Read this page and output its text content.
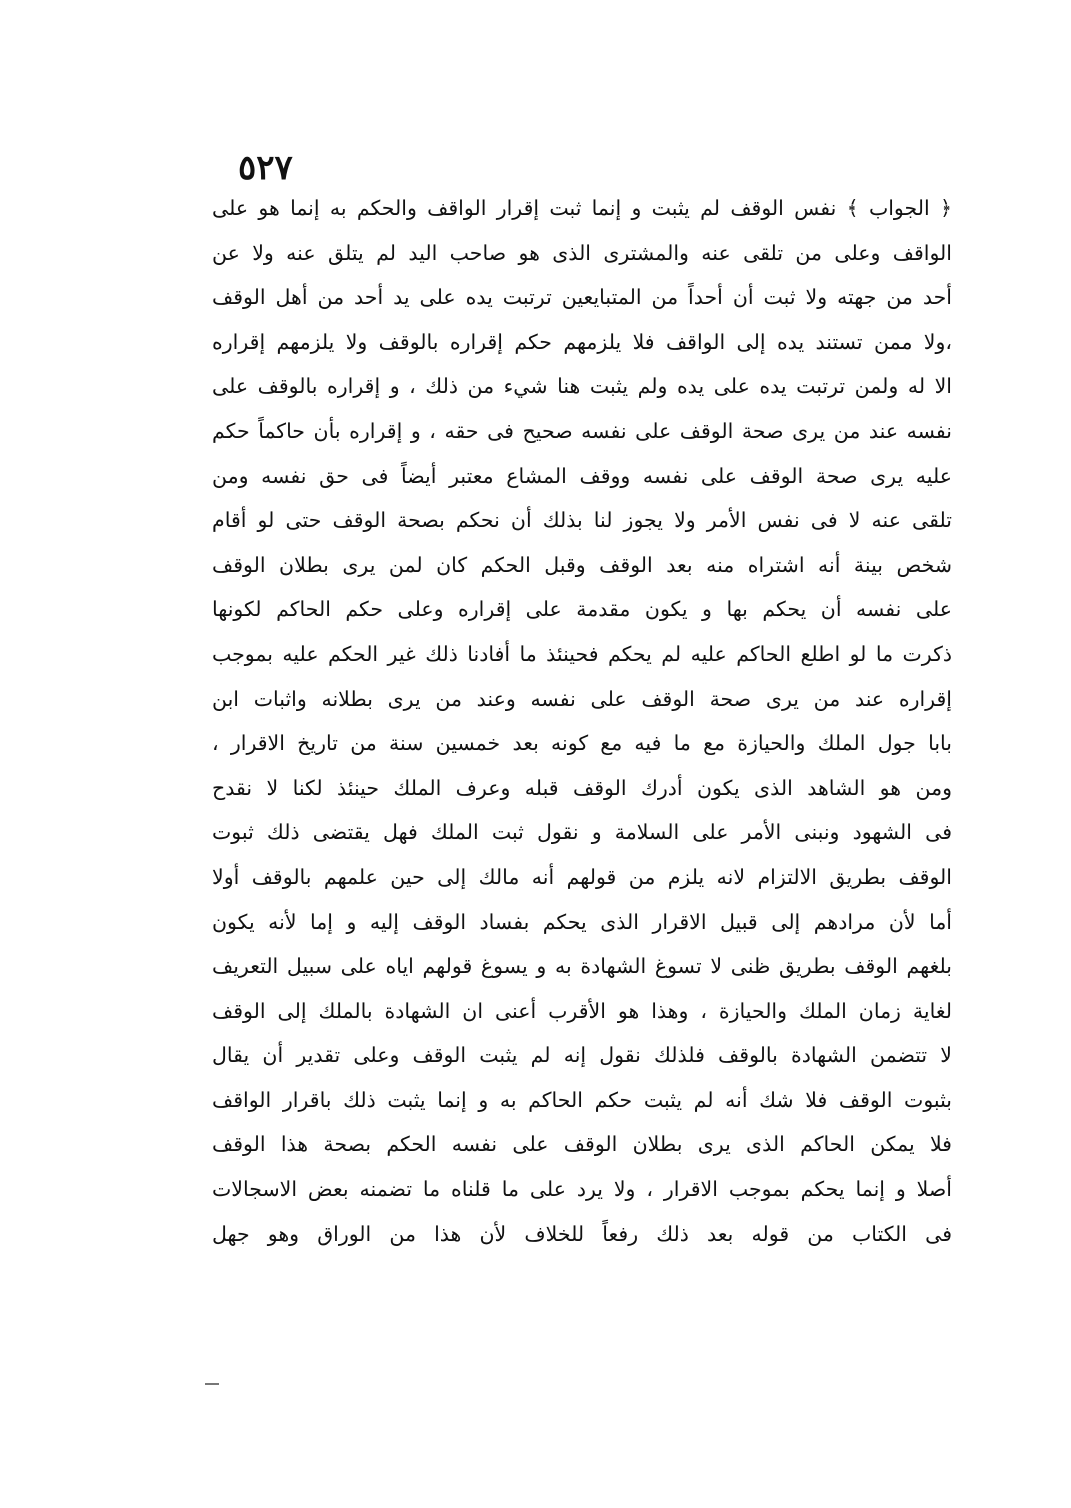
٥٢٧
﴿ الجواب ﴾ نفس الوقف لم يثبت و إنما ثبت إقرار الواقف والحكم به إنما هو على
الواقف وعلى من تلقى عنه والمشترى الذى هو صاحب اليد لم يتلق عنه ولا عن
أحد من جهته ولا ثبت أن أحداً من المتبايعين ترتبت يده على يد أحد من أهل الوقف
،ولا ممن تستند يده إلى الواقف فلا يلزمهم حكم إقراره بالوقف ولا يلزمهم إقراره
الا له ولمن ترتبت يده على يده ولم يثبت هنا شيء من ذلك ، و إقراره بالوقف على
نفسه عند من يرى صحة الوقف على نفسه صحيح فى حقه ، و إقراره بأن حاكماً حكم
عليه يرى صحة الوقف على نفسه ووقف المشاع معتبر أيضاً فى حق نفسه ومن
تلقى عنه لا فى نفس الأمر ولا يجوز لنا بذلك أن نحكم بصحة الوقف حتى لو أقام
شخص بينة أنه اشتراه منه بعد الوقف وقبل الحكم كان لمن يرى بطلان الوقف
على نفسه أن يحكم بها و يكون مقدمة على إقراره وعلى حكم الحاكم لكونها
ذكرت ما لو اطلع الحاكم عليه لم يحكم فحينئذ ما أفادنا ذلك غير الحكم عليه بموجب
إقراره عند من يرى صحة الوقف على نفسه وعند من يرى بطلانه واثبات ابن
بابا جول الملك والحيازة مع ما فيه مع كونه بعد خمسين سنة من تاريخ الاقرار ،
ومن هو الشاهد الذى يكون أدرك الوقف قبله وعرف الملك حينئذ لكنا لا نقدح
فى الشهود ونبنى الأمر على السلامة و نقول ثبت الملك فهل يقتضى ذلك ثبوت
الوقف بطريق الالتزام لانه يلزم من قولهم أنه مالك إلى حين علمهم بالوقف أولا
أما لأن مرادهم إلى قبيل الاقرار الذى يحكم بفساد الوقف إليه و إما لأنه يكون
بلغهم الوقف بطريق ظنى لا تسوغ الشهادة به و يسوغ قولهم اياه على سبيل التعريف
لغاية زمان الملك والحيازة ، وهذا هو الأقرب أعنى ان الشهادة بالملك إلى الوقف
لا تتضمن الشهادة بالوقف فلذلك نقول إنه لم يثبت الوقف وعلى تقدير أن يقال
بثبوت الوقف فلا شك أنه لم يثبت حكم الحاكم به و إنما يثبت ذلك باقرار الواقف
فلا يمكن الحاكم الذى يرى بطلان الوقف على نفسه الحكم بصحة هذا الوقف
أصلا و إنما يحكم بموجب الاقرار ، ولا يرد على ما قلناه ما تضمنه بعض الاسجالات
فى الكتاب من قوله بعد ذلك رفعاً للخلاف لأن هذا من الوراق وهو جهل
